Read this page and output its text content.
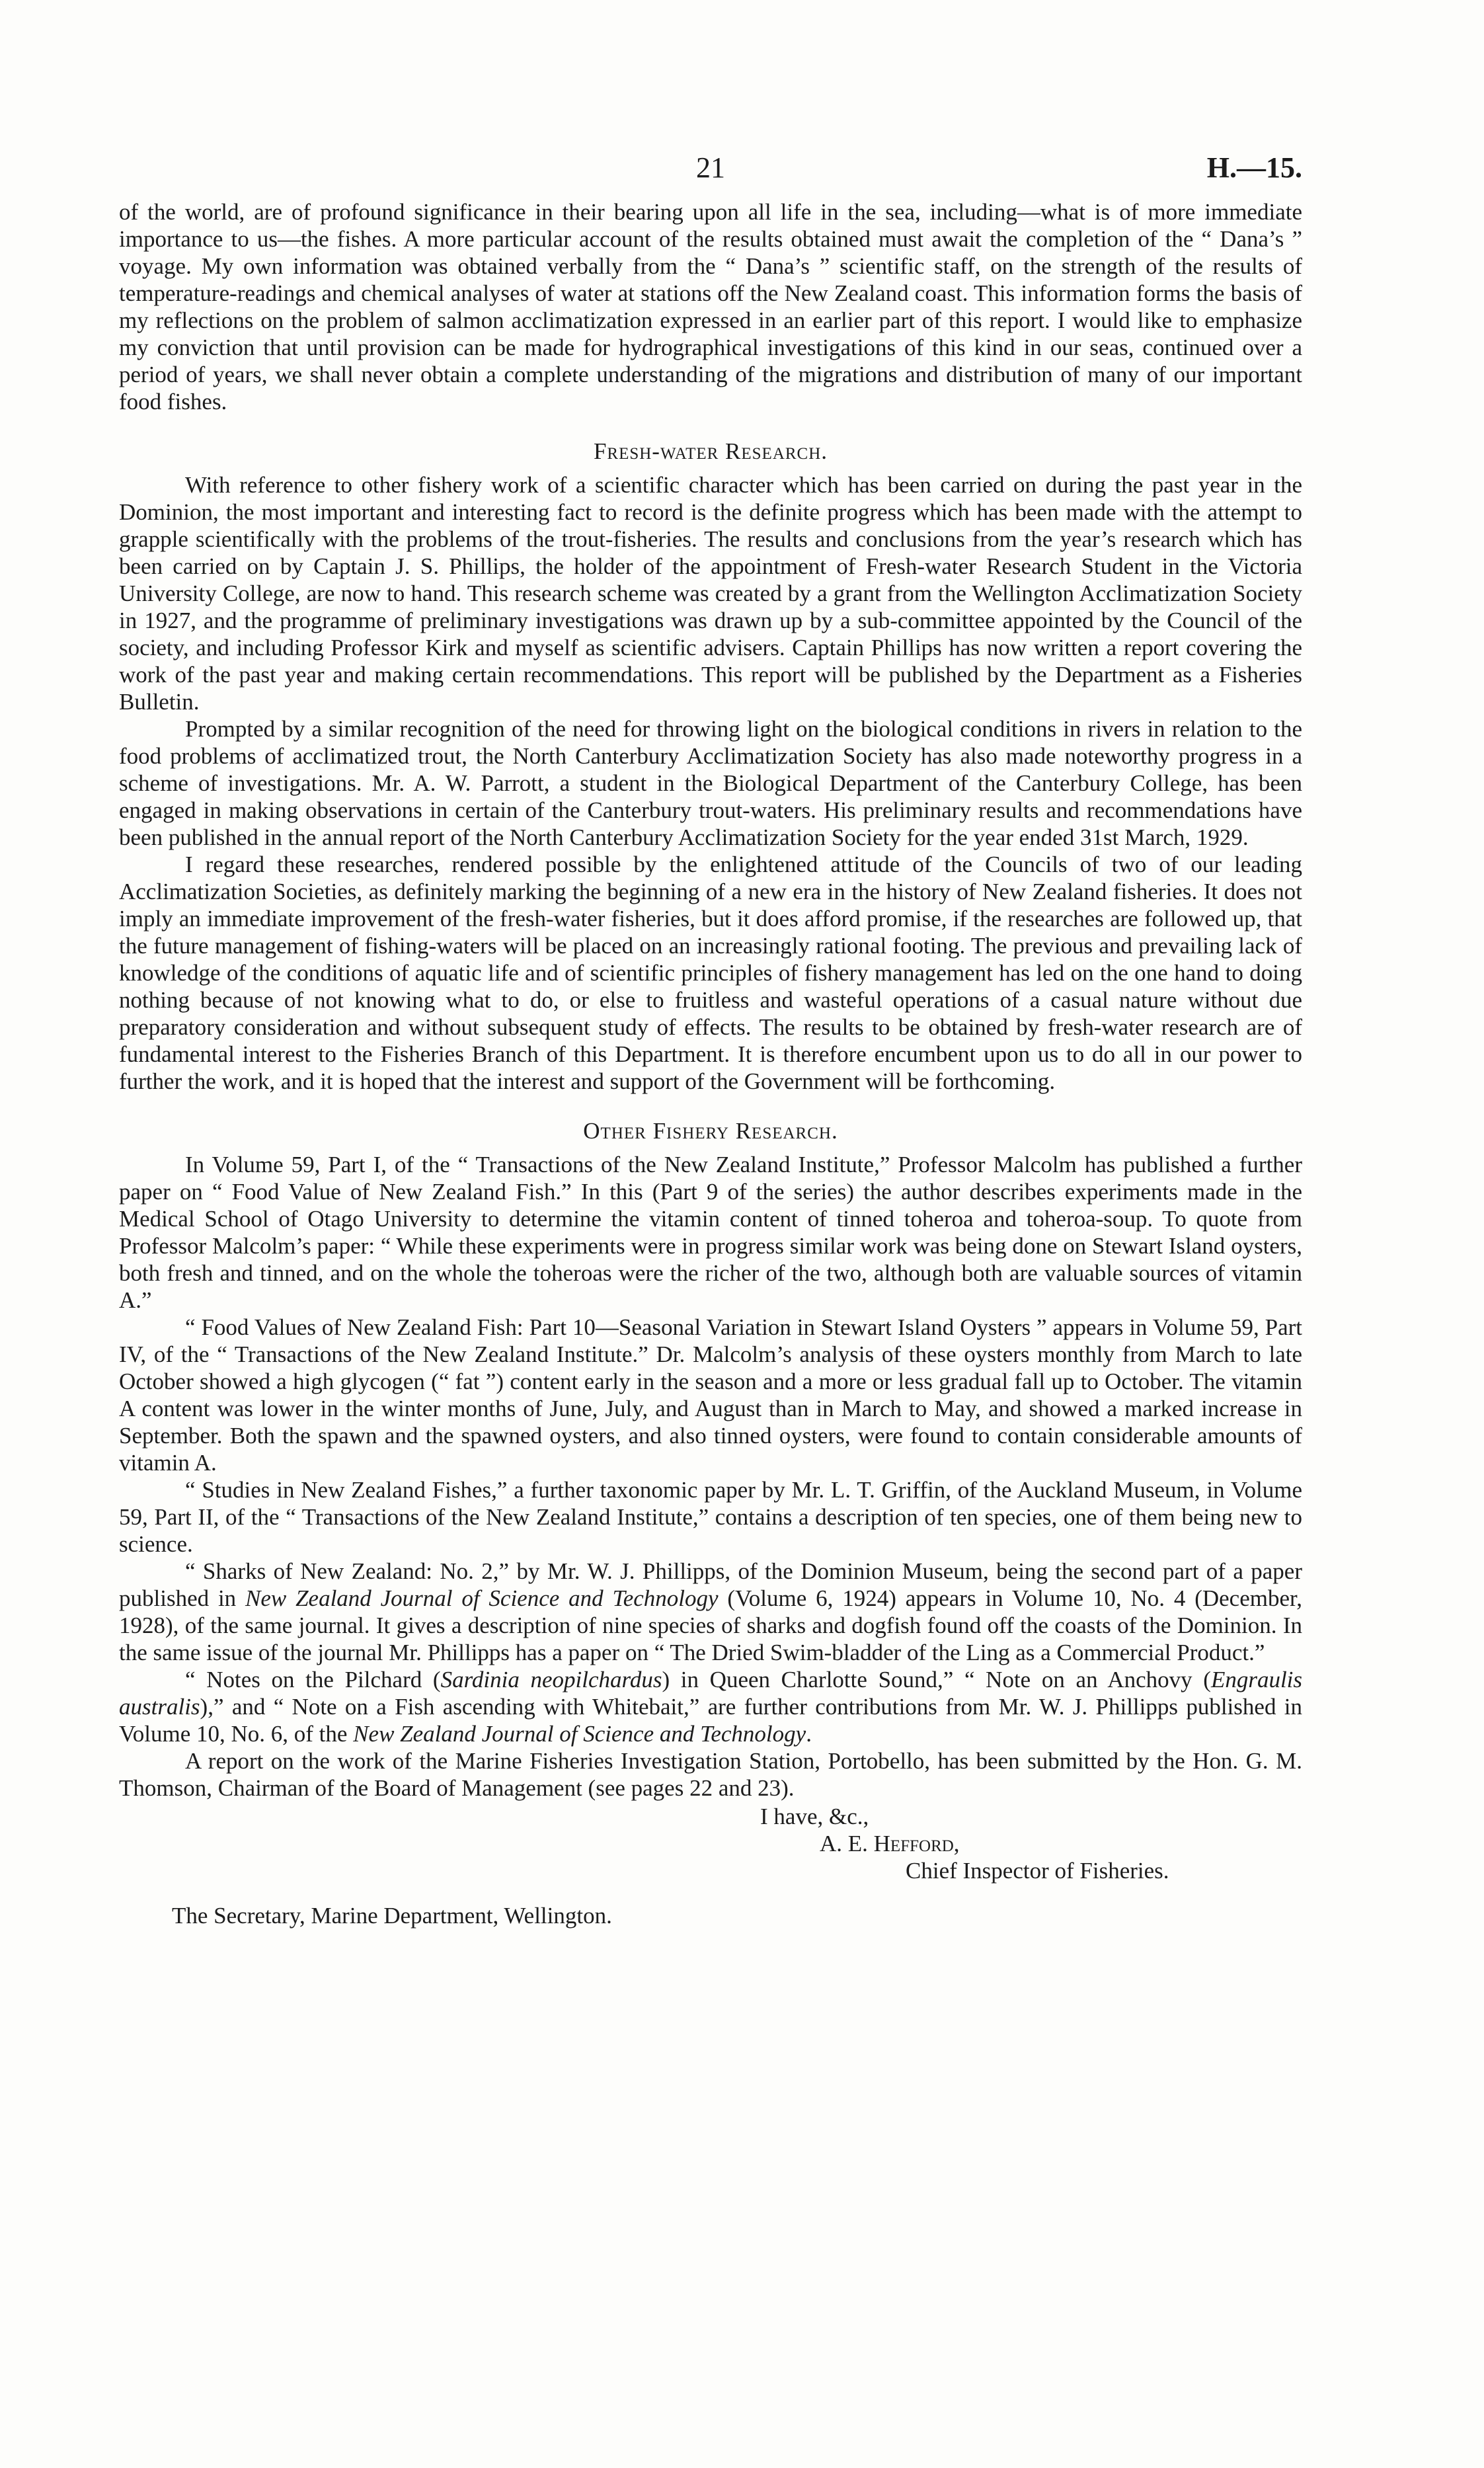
21	H.—15.

of the world, are of profound significance in their bearing upon all life in the sea, including—what is of more immediate importance to us—the fishes. A more particular account of the results obtained must await the completion of the “ Dana’s ” voyage. My own information was obtained verbally from the “ Dana’s ” scientific staff, on the strength of the results of temperature-readings and chemical analyses of water at stations off the New Zealand coast. This information forms the basis of my reflections on the problem of salmon acclimatization expressed in an earlier part of this report. I would like to emphasize my conviction that until provision can be made for hydrographical investigations of this kind in our seas, continued over a period of years, we shall never obtain a complete understanding of the migrations and distribution of many of our important food fishes.

Fresh-water Research.

With reference to other fishery work of a scientific character which has been carried on during the past year in the Dominion, the most important and interesting fact to record is the definite progress which has been made with the attempt to grapple scientifically with the problems of the trout-fisheries. The results and conclusions from the year’s research which has been carried on by Captain J. S. Phillips, the holder of the appointment of Fresh-water Research Student in the Victoria University College, are now to hand. This research scheme was created by a grant from the Wellington Acclimatization Society in 1927, and the programme of preliminary investigations was drawn up by a sub-committee appointed by the Council of the society, and including Professor Kirk and myself as scientific advisers. Captain Phillips has now written a report covering the work of the past year and making certain recommendations. This report will be published by the Department as a Fisheries Bulletin.

Prompted by a similar recognition of the need for throwing light on the biological conditions in rivers in relation to the food problems of acclimatized trout, the North Canterbury Acclimatization Society has also made noteworthy progress in a scheme of investigations. Mr. A. W. Parrott, a student in the Biological Department of the Canterbury College, has been engaged in making observations in certain of the Canterbury trout-waters. His preliminary results and recommendations have been published in the annual report of the North Canterbury Acclimatization Society for the year ended 31st March, 1929.

I regard these researches, rendered possible by the enlightened attitude of the Councils of two of our leading Acclimatization Societies, as definitely marking the beginning of a new era in the history of New Zealand fisheries. It does not imply an immediate improvement of the fresh-water fisheries, but it does afford promise, if the researches are followed up, that the future management of fishing-waters will be placed on an increasingly rational footing. The previous and prevailing lack of knowledge of the conditions of aquatic life and of scientific principles of fishery management has led on the one hand to doing nothing because of not knowing what to do, or else to fruitless and wasteful operations of a casual nature without due preparatory consideration and without subsequent study of effects. The results to be obtained by fresh-water research are of fundamental interest to the Fisheries Branch of this Department. It is therefore encumbent upon us to do all in our power to further the work, and it is hoped that the interest and support of the Government will be forthcoming.

Other Fishery Research.

In Volume 59, Part I, of the “ Transactions of the New Zealand Institute,” Professor Malcolm has published a further paper on “ Food Value of New Zealand Fish.” In this (Part 9 of the series) the author describes experiments made in the Medical School of Otago University to determine the vitamin content of tinned toheroa and toheroa-soup. To quote from Professor Malcolm’s paper: “ While these experiments were in progress similar work was being done on Stewart Island oysters, both fresh and tinned, and on the whole the toheroas were the richer of the two, although both are valuable sources of vitamin A.”

“ Food Values of New Zealand Fish: Part 10—Seasonal Variation in Stewart Island Oysters ” appears in Volume 59, Part IV, of the “ Transactions of the New Zealand Institute.” Dr. Malcolm’s analysis of these oysters monthly from March to late October showed a high glycogen (“ fat ”) content early in the season and a more or less gradual fall up to October. The vitamin A content was lower in the winter months of June, July, and August than in March to May, and showed a marked increase in September. Both the spawn and the spawned oysters, and also tinned oysters, were found to contain considerable amounts of vitamin A.

“ Studies in New Zealand Fishes,” a further taxonomic paper by Mr. L. T. Griffin, of the Auckland Museum, in Volume 59, Part II, of the “ Transactions of the New Zealand Institute,” contains a description of ten species, one of them being new to science.

“ Sharks of New Zealand: No. 2,” by Mr. W. J. Phillipps, of the Dominion Museum, being the second part of a paper published in New Zealand Journal of Science and Technology (Volume 6, 1924) appears in Volume 10, No. 4 (December, 1928), of the same journal. It gives a description of nine species of sharks and dogfish found off the coasts of the Dominion. In the same issue of the journal Mr. Phillipps has a paper on “ The Dried Swim-bladder of the Ling as a Commercial Product.”

“ Notes on the Pilchard (Sardinia neopilchardus) in Queen Charlotte Sound,” “ Note on an Anchovy (Engraulis australis),” and “ Note on a Fish ascending with Whitebait,” are further contributions from Mr. W. J. Phillipps published in Volume 10, No. 6, of the New Zealand Journal of Science and Technology.

A report on the work of the Marine Fisheries Investigation Station, Portobello, has been submitted by the Hon. G. M. Thomson, Chairman of the Board of Management (see pages 22 and 23).

I have, &c.,
A. E. Hefford,
Chief Inspector of Fisheries.
The Secretary, Marine Department, Wellington.
